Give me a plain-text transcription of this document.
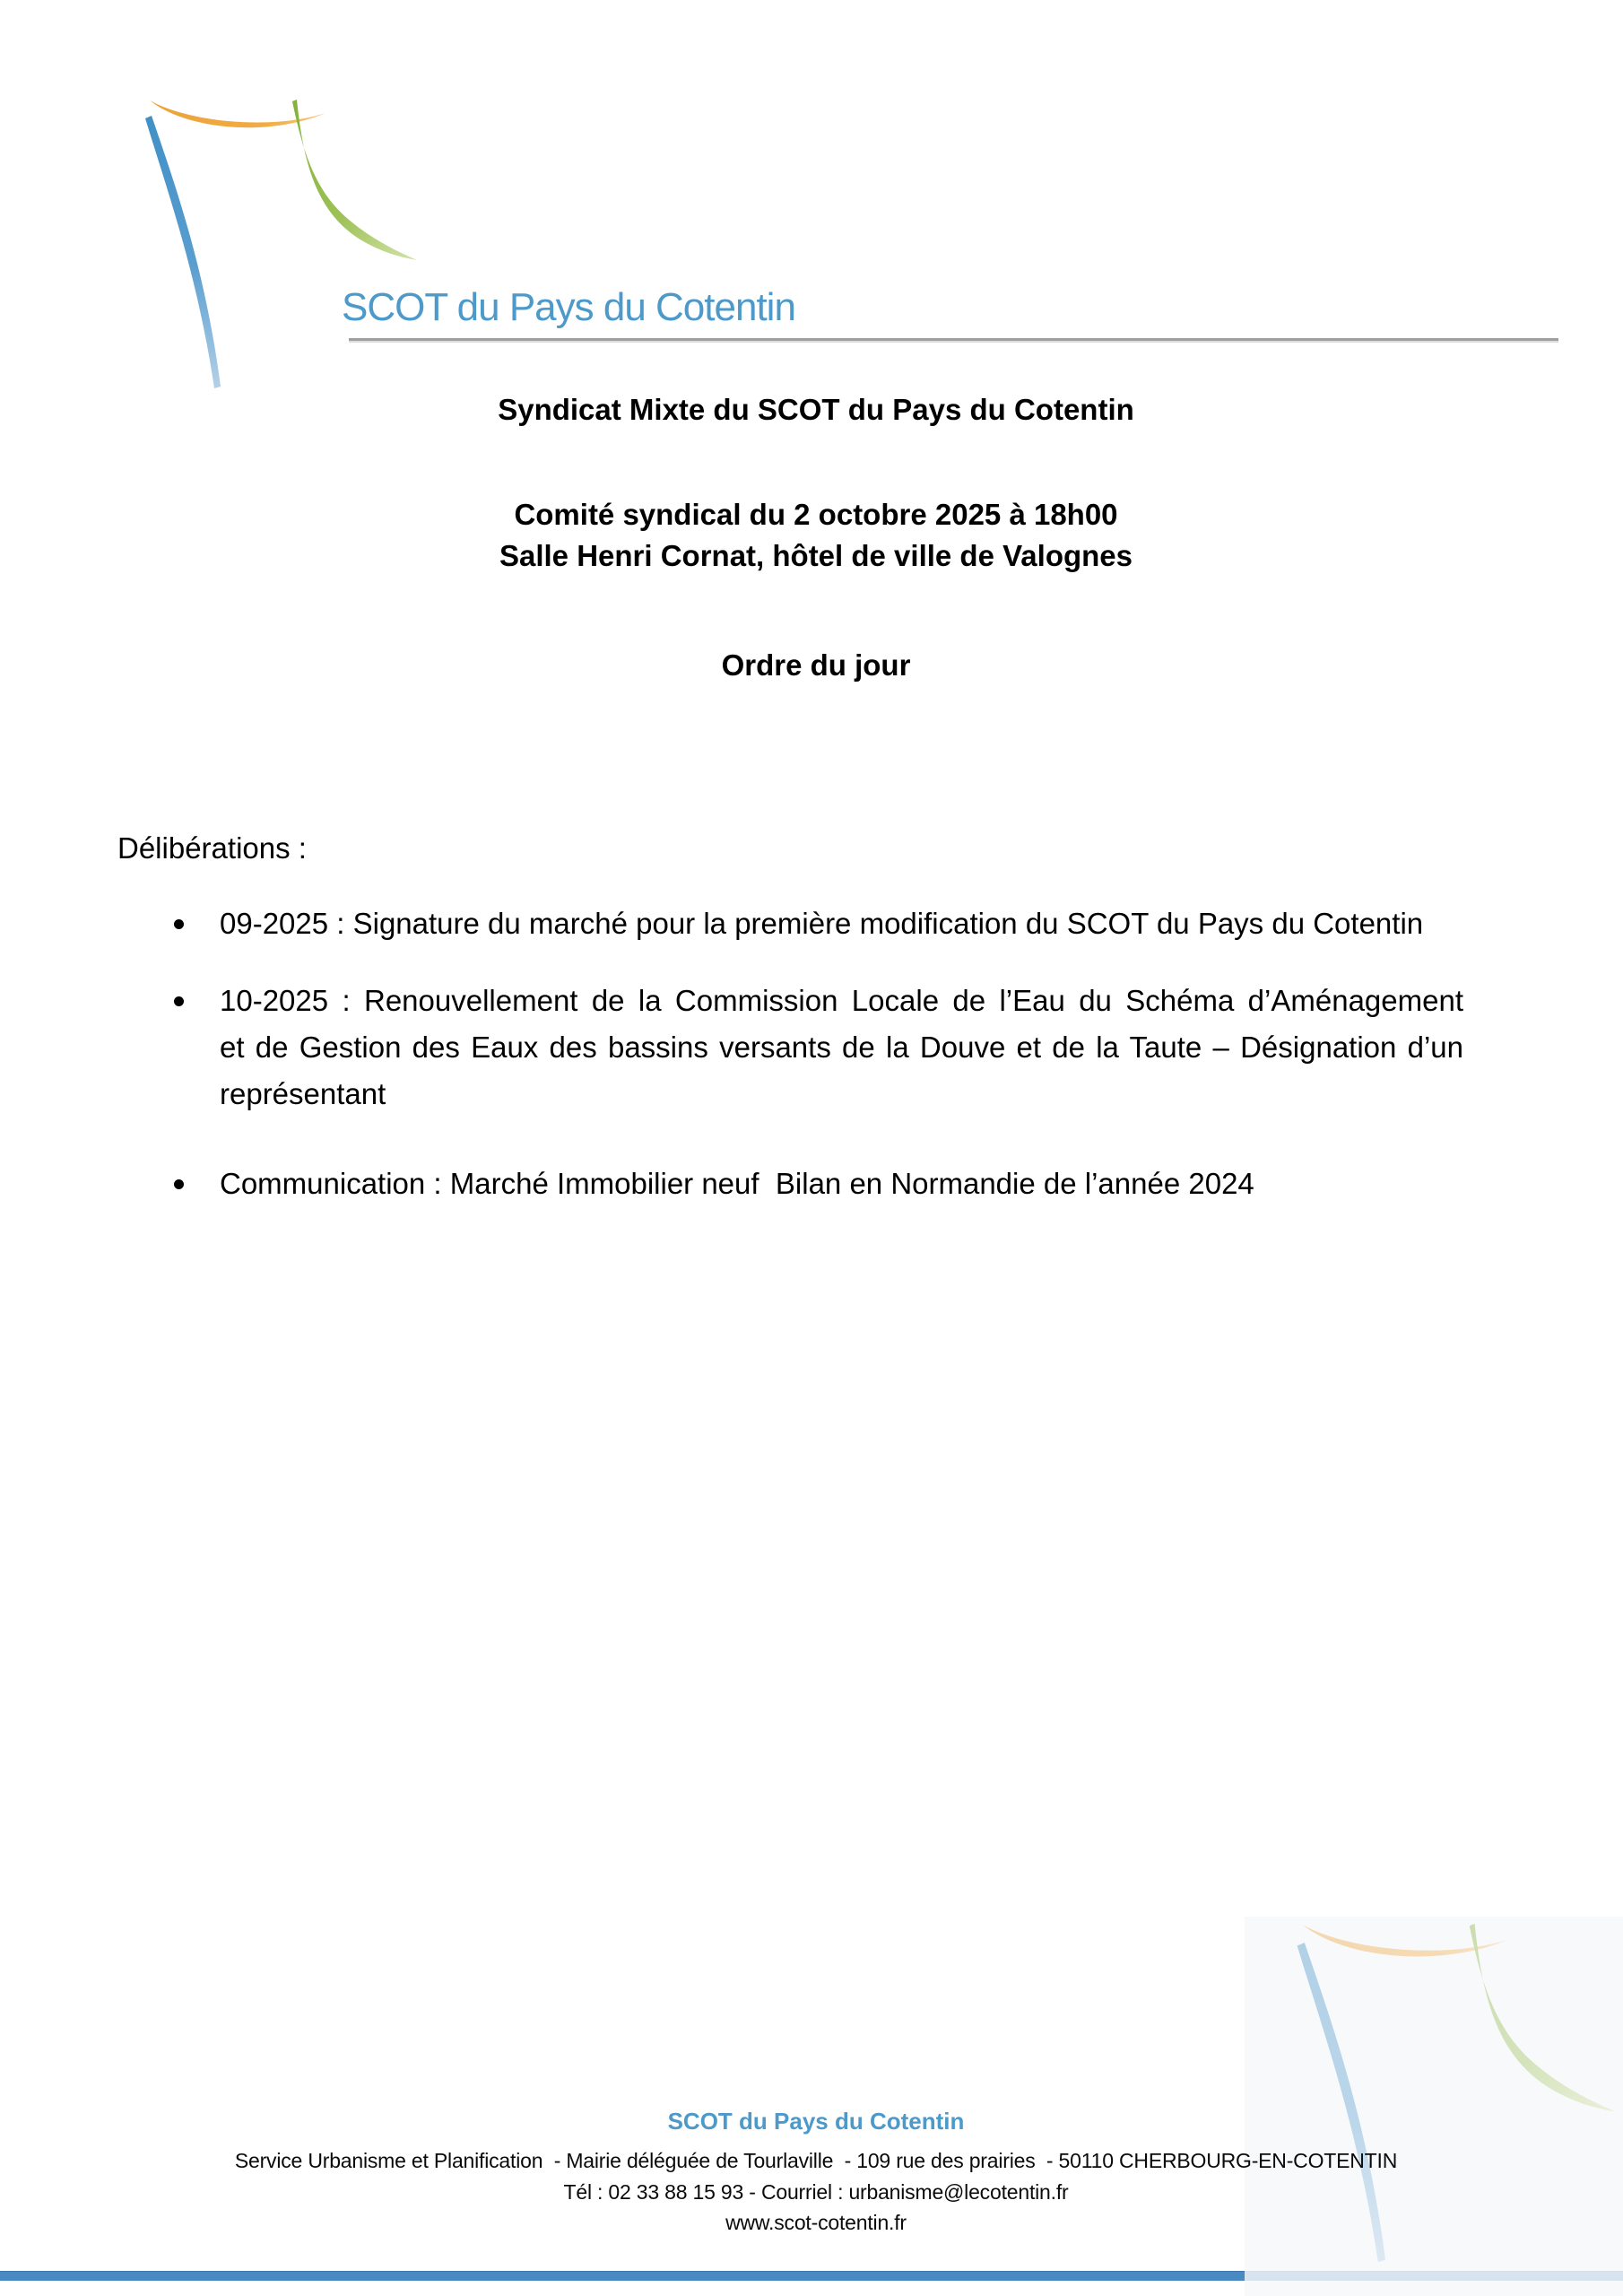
SCOT du Pays du Cotentin
Syndicat Mixte du SCOT du Pays du Cotentin
Comité syndical du 2 octobre 2025 à 18h00
Salle Henri Cornat, hôtel de ville de Valognes
Ordre du jour
Délibérations :
09-2025 : Signature du marché pour la première modification du SCOT du Pays du Cotentin
10-2025 : Renouvellement de la Commission Locale de l’Eau du Schéma d’Aménagement
et de Gestion des Eaux des bassins versants de la Douve et de la Taute – Désignation d’un
représentant
Communication : Marché Immobilier neuf  Bilan en Normandie de l’année 2024
SCOT du Pays du Cotentin
Service Urbanisme et Planification  - Mairie déléguée de Tourlaville  - 109 rue des prairies  - 50110 CHERBOURG-EN-COTENTIN
Tél : 02 33 88 15 93 - Courriel : urbanisme@lecotentin.fr
www.scot-cotentin.fr
